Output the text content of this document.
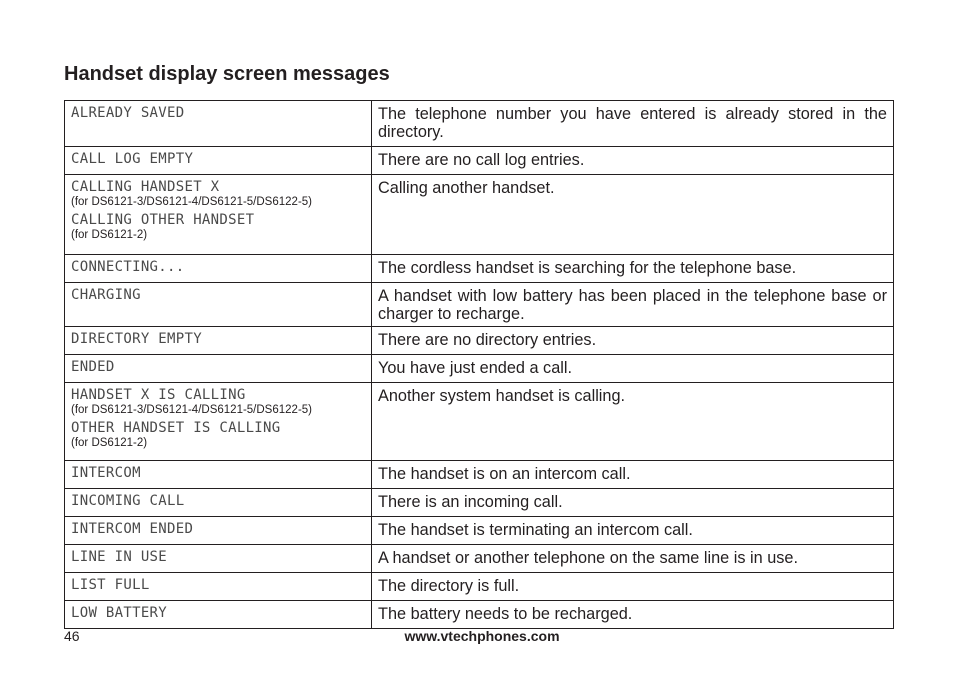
Handset display screen messages
ALREADY SAVED	The telephone number you have entered is already stored in the directory.

CALL LOG EMPTY	There are no call log entries.

CALLING HANDSET X
(for DS6121-3/DS6121-4/DS6121-5/DS6122-5)
CALLING OTHER HANDSET
(for DS6121-2)	Calling another handset.

CONNECTING...	The cordless handset is searching for the telephone base.

CHARGING	A handset with low battery has been placed in the telephone base or charger to recharge.

DIRECTORY EMPTY	There are no directory entries.

ENDED	You have just ended a call.

HANDSET X IS CALLING
(for DS6121-3/DS6121-4/DS6121-5/DS6122-5)
OTHER HANDSET IS CALLING
(for DS6121-2)	Another system handset is calling.

INTERCOM	The handset is on an intercom call.

INCOMING CALL	There is an incoming call.

INTERCOM ENDED	The handset is terminating an intercom call.

LINE IN USE	A handset or another telephone on the same line is in use.

LIST FULL	The directory is full.

LOW BATTERY	The battery needs to be recharged.
46	www.vtechphones.com
